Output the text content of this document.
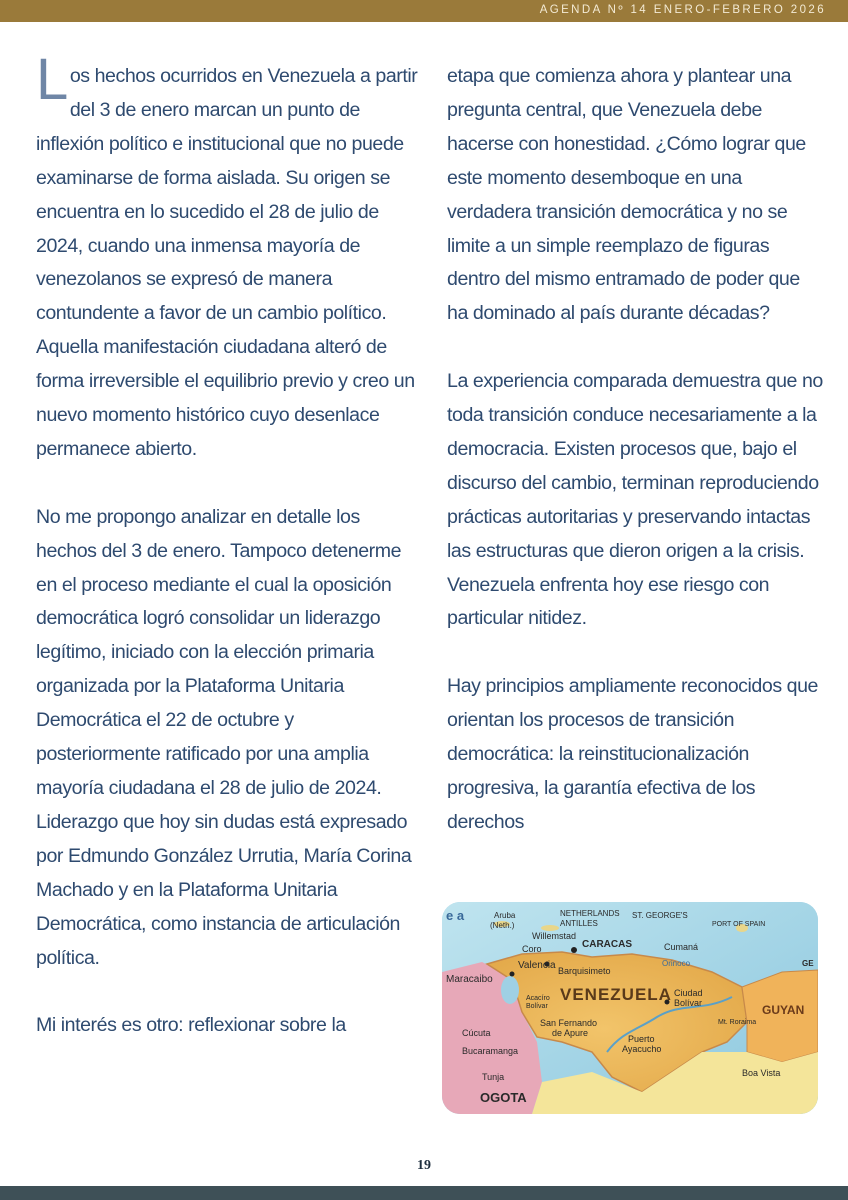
AGENDA Nº 14 ENERO-FEBRERO 2026

Los hechos ocurridos en Venezuela a partir del 3 de enero marcan un punto de inflexión político e institucional que no puede examinarse de forma aislada. Su origen se encuentra en lo sucedido el 28 de julio de 2024, cuando una inmensa mayoría de venezolanos se expresó de manera contundente a favor de un cambio político. Aquella manifestación ciudadana alteró de forma irreversible el equilibrio previo y creo un nuevo momento histórico cuyo desenlace permanece abierto.

No me propongo analizar en detalle los hechos del 3 de enero. Tampoco detenerme en el proceso mediante el cual la oposición democrática logró consolidar un liderazgo legítimo, iniciado con la elección primaria organizada por la Plataforma Unitaria Democrática el 22 de octubre y posteriormente ratificado por una amplia mayoría ciudadana el 28 de julio de 2024. Liderazgo que hoy sin dudas está expresado por Edmundo González Urrutia, María Corina Machado y en la Plataforma Unitaria Democrática, como instancia de articulación política.

Mi interés es otro: reflexionar sobre la

etapa que comienza ahora y plantear una pregunta central, que Venezuela debe hacerse con honestidad. ¿Cómo lograr que este momento desemboque en una verdadera transición democrática y no se limite a un simple reemplazo de figuras dentro del mismo entramado de poder que ha dominado al país durante décadas?

La experiencia comparada demuestra que no toda transición conduce necesariamente a la democracia. Existen procesos que, bajo el discurso del cambio, terminan reproduciendo prácticas autoritarias y preservando intactas las estructuras que dieron origen a la crisis. Venezuela enfrenta hoy ese riesgo con particular nitidez.

Hay principios ampliamente reconocidos que orientan los procesos de transición democrática: la reinstitucionalización progresiva, la garantía efectiva de los derechos

e a	Aruba
(Neth.)
NETHERLANDS
ANTILLES
ST. GEORGE'S
PORT OF SPAIN
Willemstad
Coro	CARACAS	Cumaná
Valencia Barquisimeto
Orinoco
Maracaibo
VENEZUELA Ciudad
Bolívar
Acacíro
Bolívar
GE
GUYAN
San Fernando
de Apure
Cúcuta
Puerto
Ayacucho
Mt. Roraima
Bucaramanga
Boa Vista
Tunja
OGOTA
19
